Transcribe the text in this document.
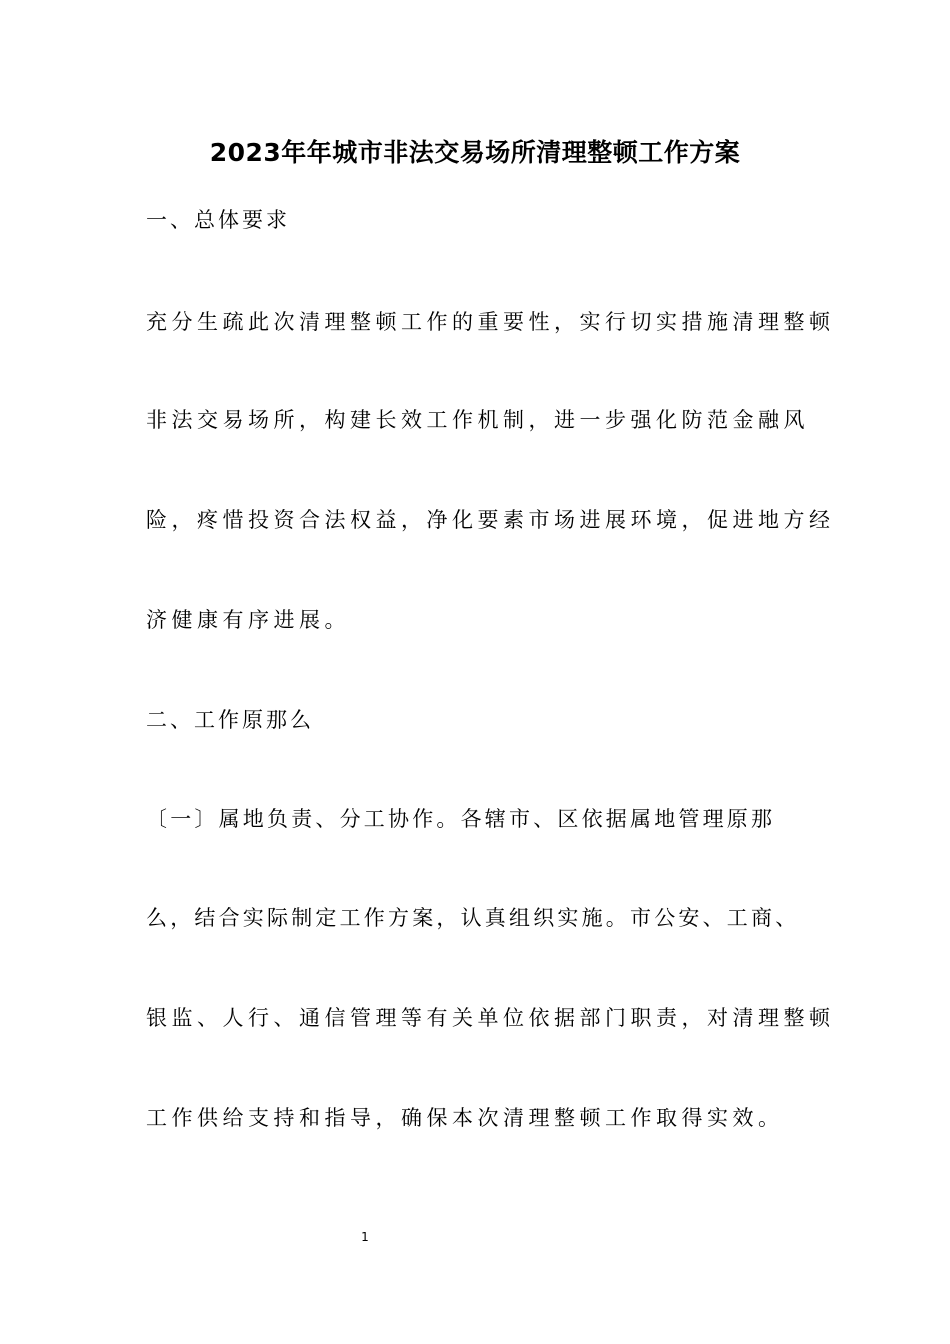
2023年年城市非法交易场所清理整顿工作方案

一、总体要求

充分生疏此次清理整顿工作的重要性，实行切实措施清理整顿

非法交易场所，构建长效工作机制，进一步强化防范金融风

险，疼惜投资合法权益，净化要素市场进展环境，促进地方经

济健康有序进展。

二、工作原那么

〔一〕属地负责、分工协作。各辖市、区依据属地管理原那

么，结合实际制定工作方案，认真组织实施。市公安、工商、

银监、人行、通信管理等有关单位依据部门职责，对清理整顿

工作供给支持和指导，确保本次清理整顿工作取得实效。

1
